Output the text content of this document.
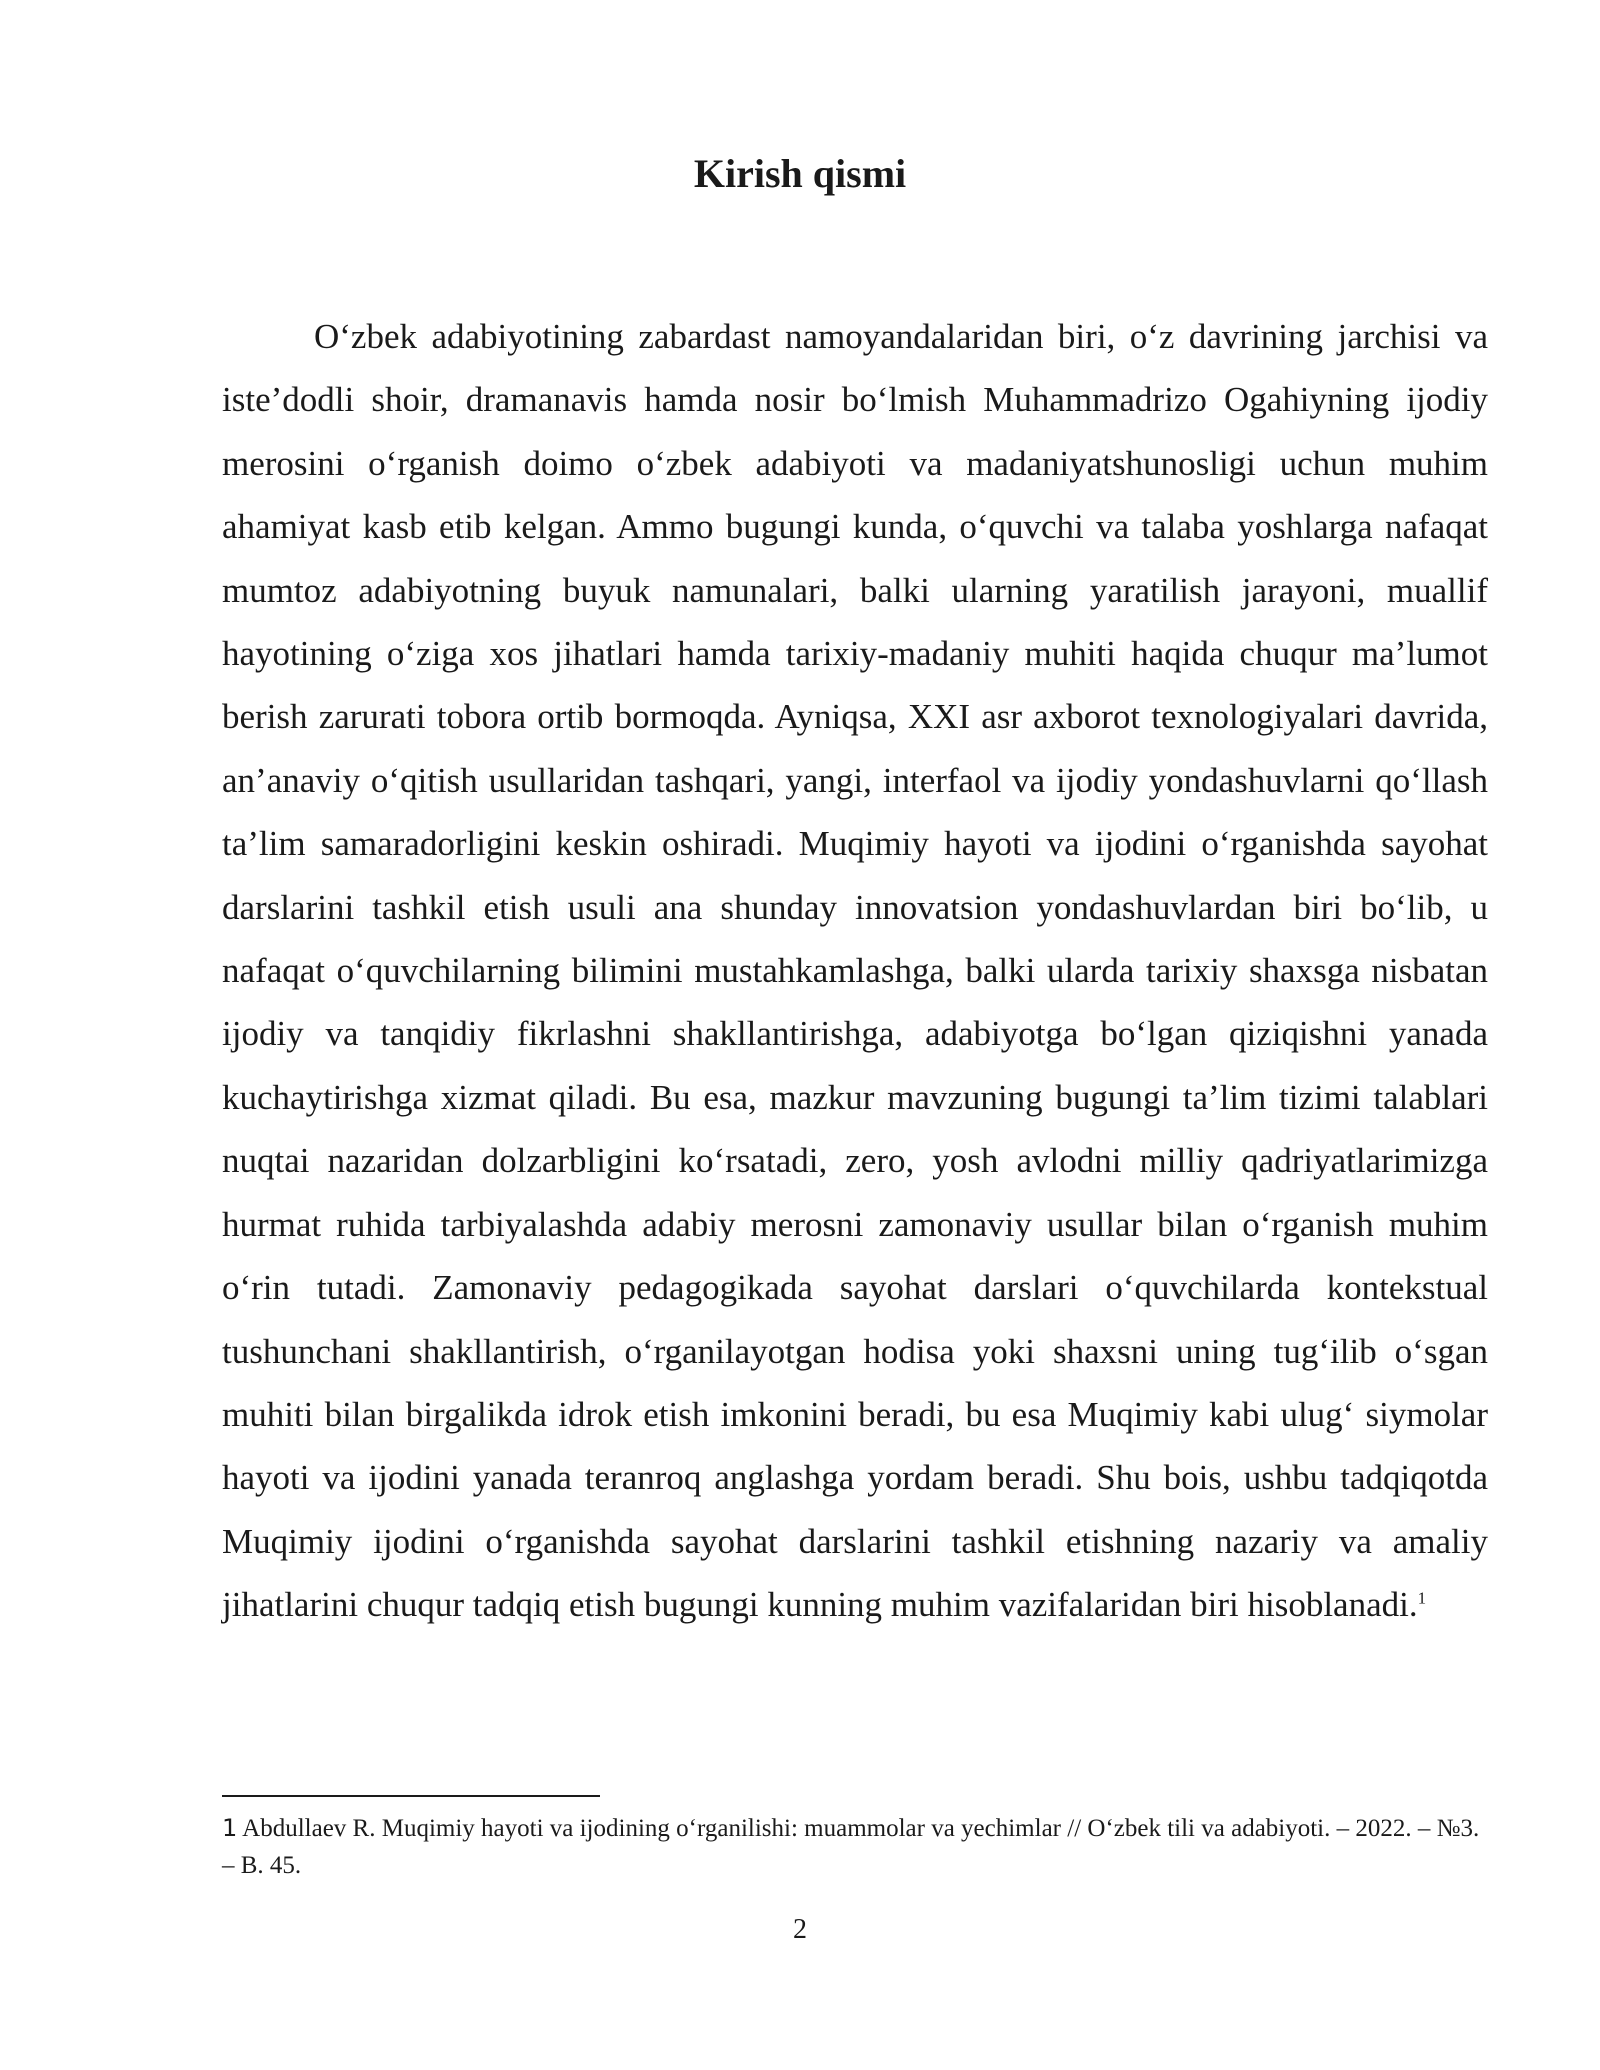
Kirish qismi

O‘zbek adabiyotining zabardast namoyandalaridan biri, o‘z davrining jarchisi va iste’dodli shoir, dramanavis hamda nosir bo‘lmish Muhammadrizo Ogahiyning ijodiy merosini o‘rganish doimo o‘zbek adabiyoti va madaniyatshunosligi uchun muhim ahamiyat kasb etib kelgan. Ammo bugungi kunda, o‘quvchi va talaba yoshlarga nafaqat mumtoz adabiyotning buyuk namunalari, balki ularning yaratilish jarayoni, muallif hayotining o‘ziga xos jihatlari hamda tarixiy-madaniy muhiti haqida chuqur ma’lumot berish zarurati tobora ortib bormoqda. Ayniqsa, XXI asr axborot texnologiyalari davrida, an’anaviy o‘qitish usullaridan tashqari, yangi, interfaol va ijodiy yondashuvlarni qo‘llash ta’lim samaradorligini keskin oshiradi. Muqimiy hayoti va ijodini o‘rganishda sayohat darslarini tashkil etish usuli ana shunday innovatsion yondashuvlardan biri bo‘lib, u nafaqat o‘quvchilarning bilimini mustahkamlashga, balki ularda tarixiy shaxsga nisbatan ijodiy va tanqidiy fikrlashni shakllantirishga, adabiyotga bo‘lgan qiziqishni yanada kuchaytirishga xizmat qiladi. Bu esa, mazkur mavzuning bugungi ta’lim tizimi talablari nuqtai nazaridan dolzarbligini ko‘rsatadi, zero, yosh avlodni milliy qadriyatlarimizga hurmat ruhida tarbiyalashda adabiy merosni zamonaviy usullar bilan o‘rganish muhim o‘rin tutadi. Zamonaviy pedagogikada sayohat darslari o‘quvchilarda kontekstual tushunchani shakllantirish, o‘rganilayotgan hodisa yoki shaxsni uning tug‘ilib o‘sgan muhiti bilan birgalikda idrok etish imkonini beradi, bu esa Muqimiy kabi ulug‘ siymolar hayoti va ijodini yanada teranroq anglashga yordam beradi. Shu bois, ushbu tadqiqotda Muqimiy ijodini o‘rganishda sayohat darslarini tashkil etishning nazariy va amaliy jihatlarini chuqur tadqiq etish bugungi kunning muhim vazifalaridan biri hisoblanadi.$^1$

1 Abdullaev R. Muqimiy hayoti va ijodining o‘rganilishi: muammolar va yechimlar // O‘zbek tili va adabiyoti. – 2022. – №3. – B. 45.

2
